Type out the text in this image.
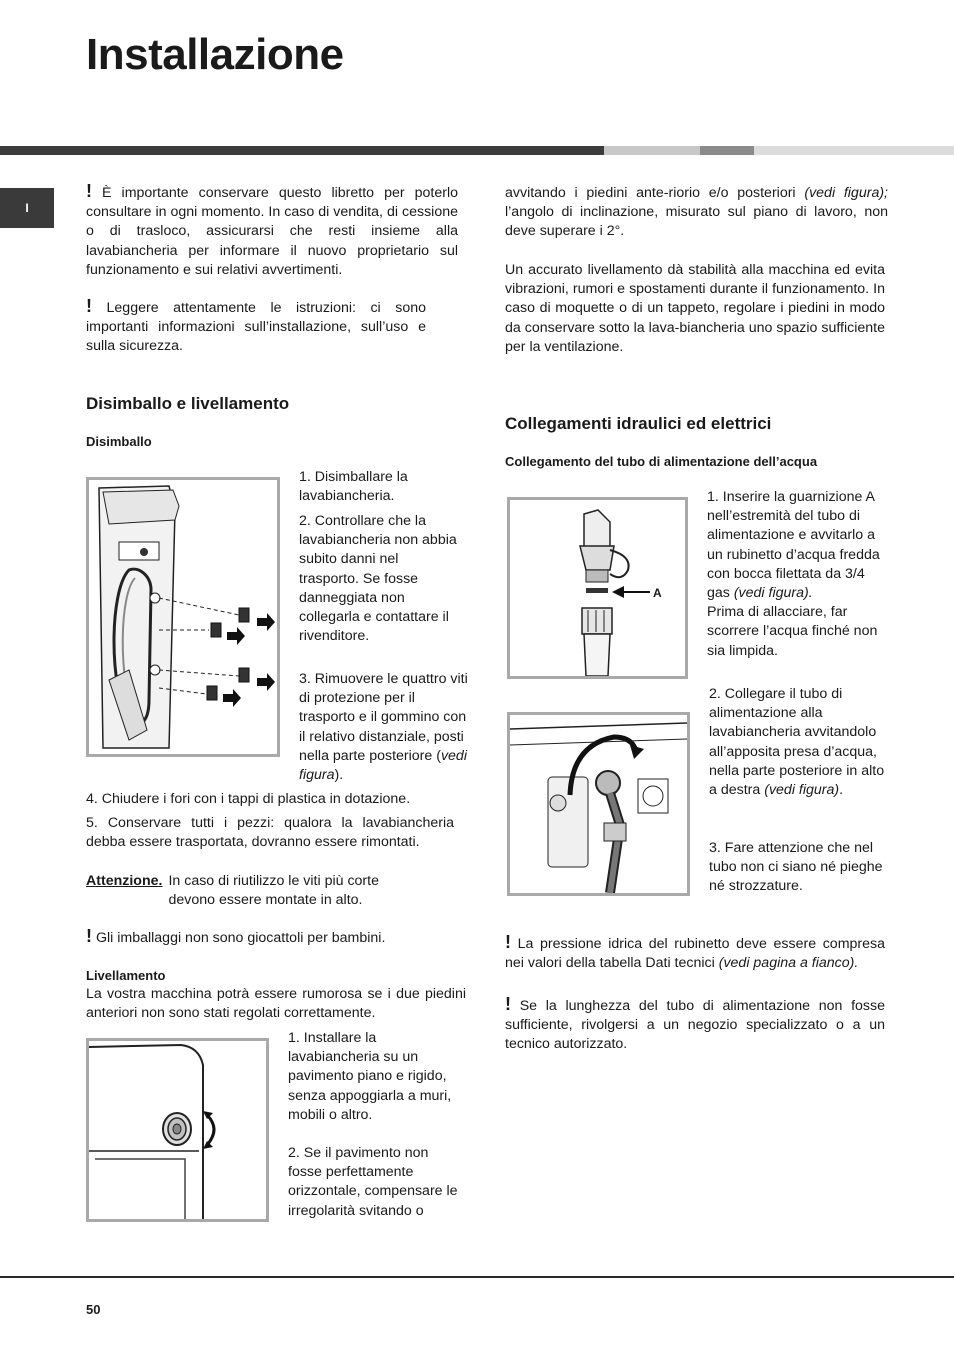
Installazione
I

! È importante conservare questo libretto per poterlo consultare in ogni momento. In caso di vendita, di cessione o di trasloco, assicurarsi che resti insieme alla lavabiancheria per informare il nuovo proprietario sul funzionamento e sui relativi avvertimenti.

! Leggere attentamente le istruzioni: ci sono importanti informazioni sull’installazione, sull’uso e sulla sicurezza.

Disimballo e livellamento
Disimballo

1. Disimballare la lavabiancheria.

2. Controllare che la lavabiancheria non abbia subito danni nel trasporto. Se fosse danneggiata non collegarla e contattare il rivenditore.

3. Rimuovere le quattro viti di protezione per il trasporto e il gommino con il relativo distanziale, posti nella parte posteriore (vedi figura).

4. Chiudere i fori con i tappi di plastica in dotazione.

5. Conservare tutti i pezzi: qualora la lavabiancheria debba essere trasportata, dovranno essere rimontati.

Attenzione. In caso di riutilizzo le viti più corte devono essere montate in alto.

! Gli imballaggi non sono giocattoli per bambini.

Livellamento

La vostra macchina potrà essere rumorosa se i due piedini anteriori non sono stati regolati correttamente.

1. Installare la lavabiancheria su un pavimento piano e rigido, senza appoggiarla a muri, mobili o altro.

2. Se il pavimento non fosse perfettamente orizzontale, compensare le irregolarità svitando o

avvitando i piedini ante-riorio e/o posteriori (vedi figura); l’angolo di inclinazione, misurato sul piano di lavoro, non deve superare i 2°.

Un accurato livellamento dà stabilità alla macchina ed evita vibrazioni, rumori e spostamenti durante il funzionamento. In caso di moquette o di un tappeto, regolare i piedini in modo da conservare sotto la lava-biancheria uno spazio sufficiente per la ventilazione.

Collegamenti idraulici ed elettrici
Collegamento del tubo di alimentazione dell’acqua
A

1. Inserire la guarnizione A nell’estremità del tubo di alimentazione e avvitarlo a un rubinetto d’acqua fredda con bocca filettata da 3/4 gas (vedi figura).
Prima di allacciare, far scorrere l’acqua finché non sia limpida.

2. Collegare il tubo di alimentazione alla lavabiancheria avvitandolo all’apposita presa d’acqua, nella parte posteriore in alto a destra (vedi figura).

3. Fare attenzione che nel tubo non ci siano né pieghe né strozzature.

! La pressione idrica del rubinetto deve essere compresa nei valori della tabella Dati tecnici (vedi pagina a fianco).

! Se la lunghezza del tubo di alimentazione non fosse sufficiente, rivolgersi a un negozio specializzato o a un tecnico autorizzato.

50
